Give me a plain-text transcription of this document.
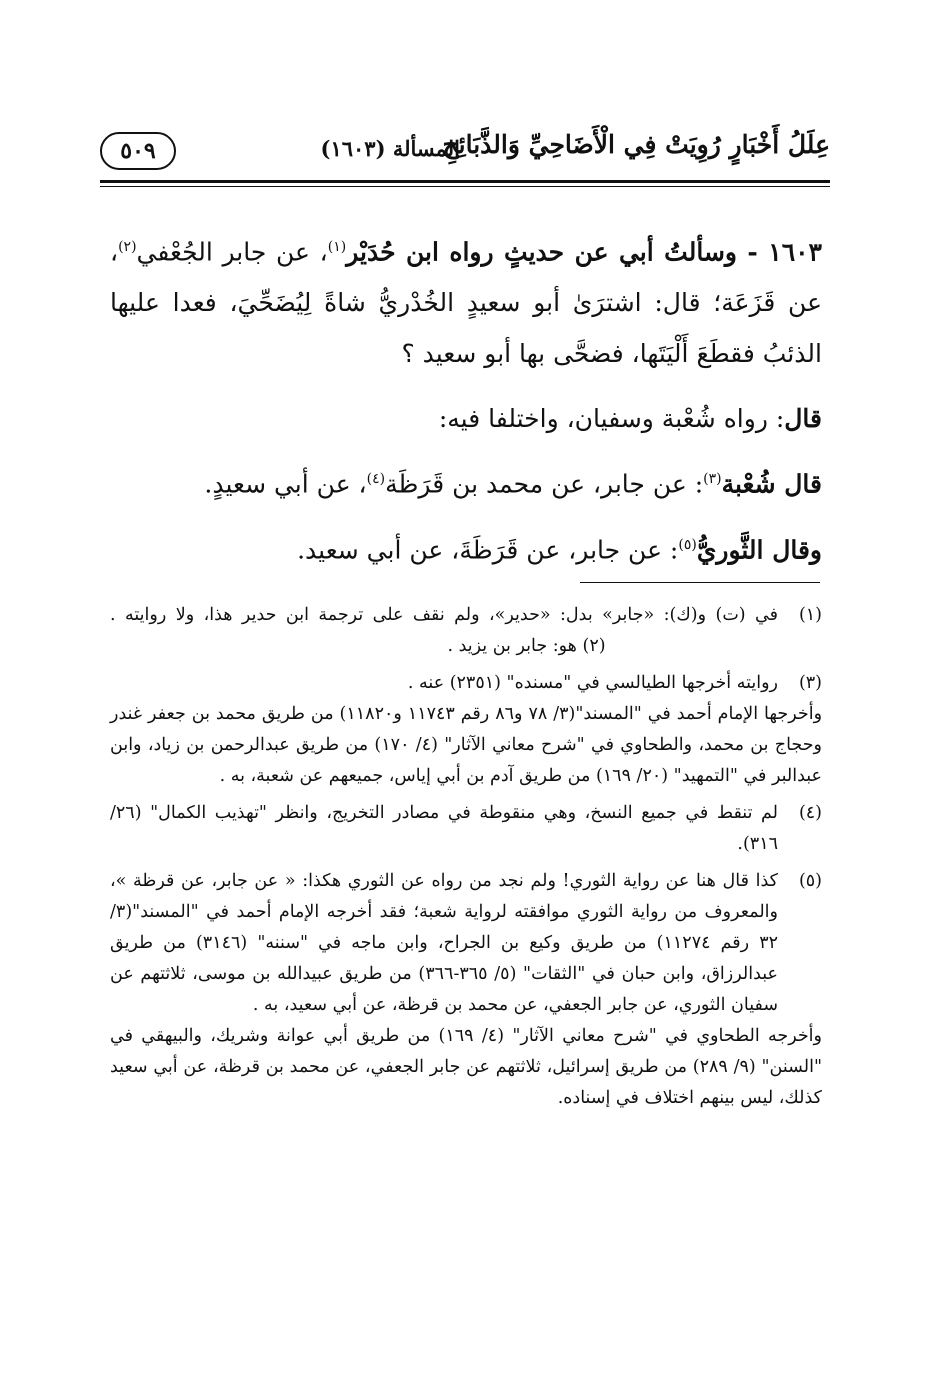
عِلَلُ أَخْبَارٍ رُوِيَتْ فِي الْأَضَاحِيِّ وَالذَّبَائِحِ
المسألة (١٦٠٣)
٥٠٩

١٦٠٣ - وسألتُ أبي عن حديثٍ رواه ابن حُدَيْر$^{(١)}$، عن جابر الجُعْفي$^{(٢)}$، عن قَزَعَة؛ قال: اشترَىٰ أبو سعيدٍ الخُدْريُّ شاةً لِيُضَحِّيَ، فعدا عليها الذئبُ فقطَعَ أَلْيَتَها، فضحَّى بها أبو سعيد ؟

قال: رواه شُعْبة وسفيان، واختلفا فيه:

قال شُعْبة$^{(٣)}$: عن جابر، عن محمد بن قَرَظَة$^{(٤)}$، عن أبي سعيدٍ.

وقال الثَّوريُّ$^{(٥)}$: عن جابر، عن قَرَظَةَ، عن أبي سعيد.

(١)
في (ت) و(ك): «جابر» بدل: «حدير»، ولم نقف على ترجمة ابن حدير هذا، ولا روايته .                                (٢) هو: جابر بن يزيد .
(٣)
روايته أخرجها الطيالسي في "مسنده" (٢٣٥١) عنه .
وأخرجها الإمام أحمد في "المسند"(٣/ ٧٨ و٨٦ رقم ١١٧٤٣ و١١٨٢٠) من طريق محمد بن جعفر غندر وحجاج بن محمد، والطحاوي في "شرح معاني الآثار" (٤/ ١٧٠) من طريق عبدالرحمن بن زياد، وابن عبدالبر في "التمهيد" (٢٠/ ١٦٩) من طريق آدم بن أبي إياس، جميعهم عن شعبة، به .
(٤)
لم تنقط في جميع النسخ، وهي منقوطة في مصادر التخريج، وانظر "تهذيب الكمال" (٢٦/ ٣١٦).
(٥)
كذا قال هنا عن رواية الثوري! ولم نجد من رواه عن الثوري هكذا: « عن جابر، عن قرظة »، والمعروف من رواية الثوري موافقته لرواية شعبة؛ فقد أخرجه الإمام أحمد في "المسند"(٣/ ٣٢ رقم ١١٢٧٤) من طريق وكيع بن الجراح، وابن ماجه في "سننه" (٣١٤٦) من طريق عبدالرزاق، وابن حبان في "الثقات" (٥/ ٣٦٥-٣٦٦) من طريق عبيدالله بن موسى، ثلاثتهم عن سفيان الثوري، عن جابر الجعفي، عن محمد بن قرظة، عن أبي سعيد، به .
وأخرجه الطحاوي في "شرح معاني الآثار" (٤/ ١٦٩) من طريق أبي عوانة وشريك، والبيهقي في "السنن" (٩/ ٢٨٩) من طريق إسرائيل، ثلاثتهم عن جابر الجعفي، عن محمد بن قرظة، عن أبي سعيد كذلك، ليس بينهم اختلاف في إسناده.
